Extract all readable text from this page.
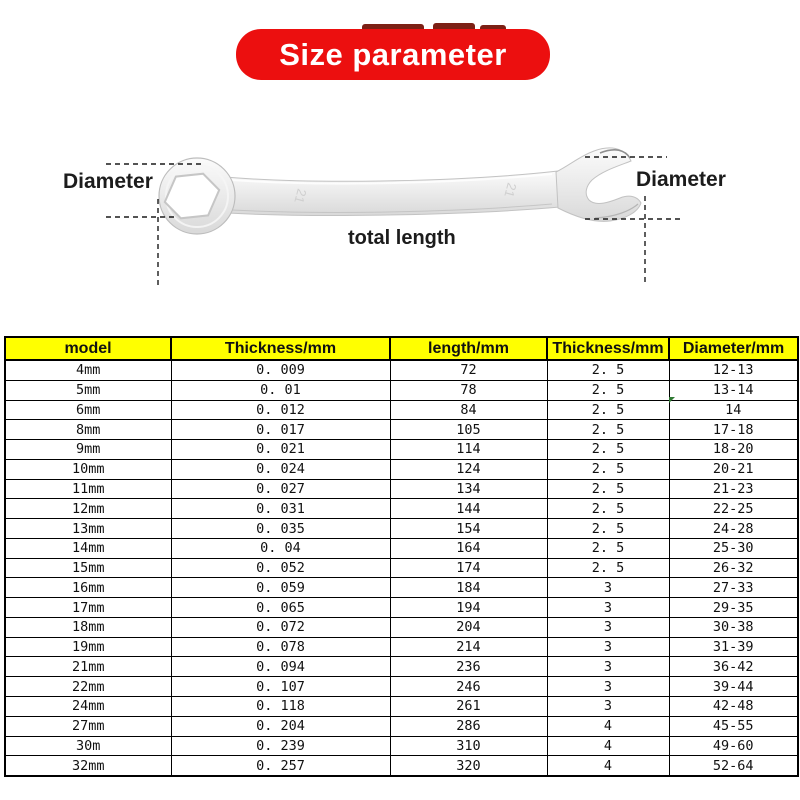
Size parameter
21	21
Diameter	Diameter
total length
model	Thickness/mm	length/mm	Thickness/mm	Diameter/mm
4mm	0. 009	72	2. 5	12-13
5mm	0. 01	78	2. 5	13-14
6mm	0. 012	84	2. 5	14
8mm	0. 017	105	2. 5	17-18
9mm	0. 021	114	2. 5	18-20
10mm	0. 024	124	2. 5	20-21
11mm	0. 027	134	2. 5	21-23
12mm	0. 031	144	2. 5	22-25
13mm	0. 035	154	2. 5	24-28
14mm	0. 04	164	2. 5	25-30
15mm	0. 052	174	2. 5	26-32
16mm	0. 059	184	3	27-33
17mm	0. 065	194	3	29-35
18mm	0. 072	204	3	30-38
19mm	0. 078	214	3	31-39
21mm	0. 094	236	3	36-42
22mm	0. 107	246	3	39-44
24mm	0. 118	261	3	42-48
27mm	0. 204	286	4	45-55
30m	0. 239	310	4	49-60
32mm	0. 257	320	4	52-64
